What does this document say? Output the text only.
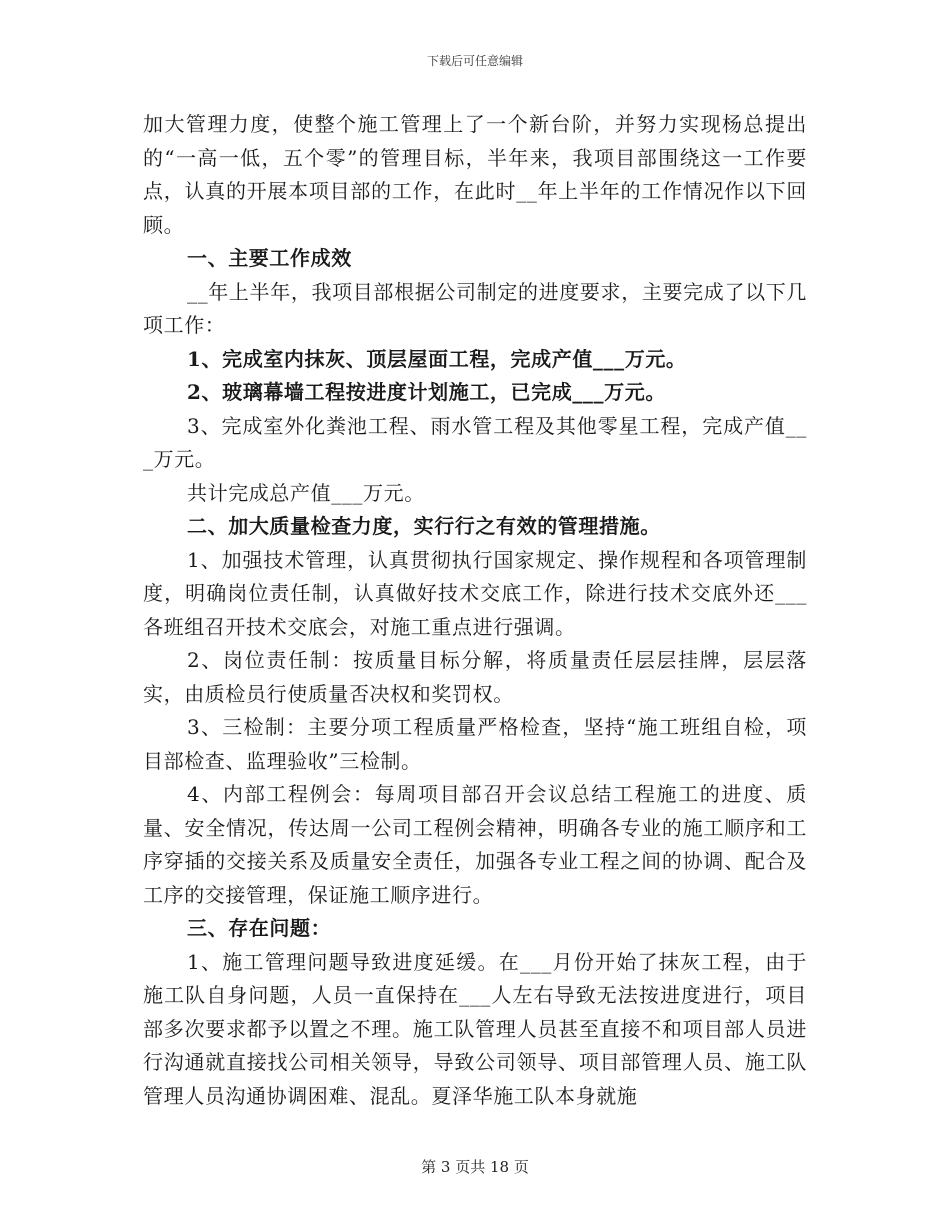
下载后可任意编辑

加大管理力度，使整个施工管理上了一个新台阶，并努力实现杨总提出的“一高一低，五个零”的管理目标，半年来，我项目部围绕这一工作要点，认真的开展本项目部的工作，在此时__年上半年的工作情况作以下回顾。

一、主要工作成效

__年上半年，我项目部根据公司制定的进度要求，主要完成了以下几项工作：

1、完成室内抹灰、顶层屋面工程，完成产值___万元。

2、玻璃幕墙工程按进度计划施工，已完成___万元。

3、完成室外化粪池工程、雨水管工程及其他零星工程，完成产值___万元。

共计完成总产值___万元。

二、加大质量检查力度，实行行之有效的管理措施。

1、加强技术管理，认真贯彻执行国家规定、操作规程和各项管理制度，明确岗位责任制，认真做好技术交底工作，除进行技术交底外还___各班组召开技术交底会，对施工重点进行强调。

2、岗位责任制：按质量目标分解，将质量责任层层挂牌，层层落实，由质检员行使质量否决权和奖罚权。

3、三检制：主要分项工程质量严格检查，坚持“施工班组自检，项目部检查、监理验收”三检制。

4、内部工程例会：每周项目部召开会议总结工程施工的进度、质量、安全情况，传达周一公司工程例会精神，明确各专业的施工顺序和工序穿插的交接关系及质量安全责任，加强各专业工程之间的协调、配合及工序的交接管理，保证施工顺序进行。

三、存在问题：

1、施工管理问题导致进度延缓。在___月份开始了抹灰工程，由于施工队自身问题，人员一直保持在___人左右导致无法按进度进行，项目部多次要求都予以置之不理。施工队管理人员甚至直接不和项目部人员进行沟通就直接找公司相关领导，导致公司领导、项目部管理人员、施工队管理人员沟通协调困难、混乱。夏泽华施工队本身就施

第 3 页共 18 页
